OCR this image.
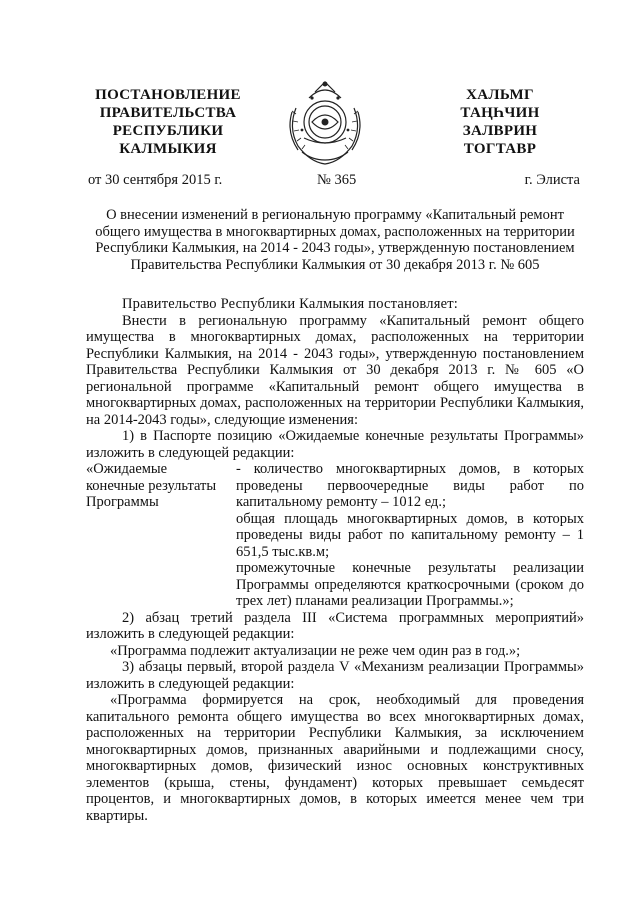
ПОСТАНОВЛЕНИЕ
ПРАВИТЕЛЬСТВА
РЕСПУБЛИКИ
КАЛМЫКИЯ
ХАЛЬМГ
ТАҢҺЧИН
ЗАЛВРИН
ТОГТАВР
от 30 сентября 2015 г.	№ 365	г. Элиста
О внесении изменений в региональную программу «Капитальный ремонт общего имущества в многоквартирных домах, расположенных на территории Республики Калмыкия, на 2014 - 2043 годы», утвержденную постановлением Правительства Республики Калмыкия от 30 декабря 2013 г. № 605

Правительство Республики Калмыкия постановляет:

Внести в региональную программу «Капитальный ремонт общего имущества в многоквартирных домах, расположенных на территории Республики Калмыкия, на 2014 - 2043 годы», утвержденную постановлением Правительства Республики Калмыкия от 30 декабря 2013 г. № 605 «О региональной программе «Капитальный ремонт общего имущества в многоквартирных домах, расположенных на территории Республики Калмыкия, на 2014-2043 годы», следующие изменения:

1) в Паспорте позицию «Ожидаемые конечные результаты Программы» изложить в следующей редакции:

«Ожидаемые
конечные результаты
Программы

- количество многоквартирных домов, в которых проведены первоочередные виды работ по капитальному ремонту – 1012 ед.;

общая площадь многоквартирных домов, в которых проведены виды работ по капитальному ремонту – 1 651,5 тыс.кв.м;

промежуточные конечные результаты реализации Программы определяются краткосрочными (сроком до трех лет) планами реализации Программы.»;

2) абзац третий раздела III «Система программных мероприятий» изложить в следующей редакции:

«Программа подлежит актуализации не реже чем один раз в год.»;

3) абзацы первый, второй раздела V «Механизм реализации Программы» изложить в следующей редакции:

«Программа формируется на срок, необходимый для проведения капитального ремонта общего имущества во всех многоквартирных домах, расположенных на территории Республики Калмыкия, за исключением многоквартирных домов, признанных аварийными и подлежащими сносу, многоквартирных домов, физический износ основных конструктивных элементов (крыша, стены, фундамент) которых превышает семьдесят процентов, и многоквартирных домов, в которых имеется менее чем три квартиры.
